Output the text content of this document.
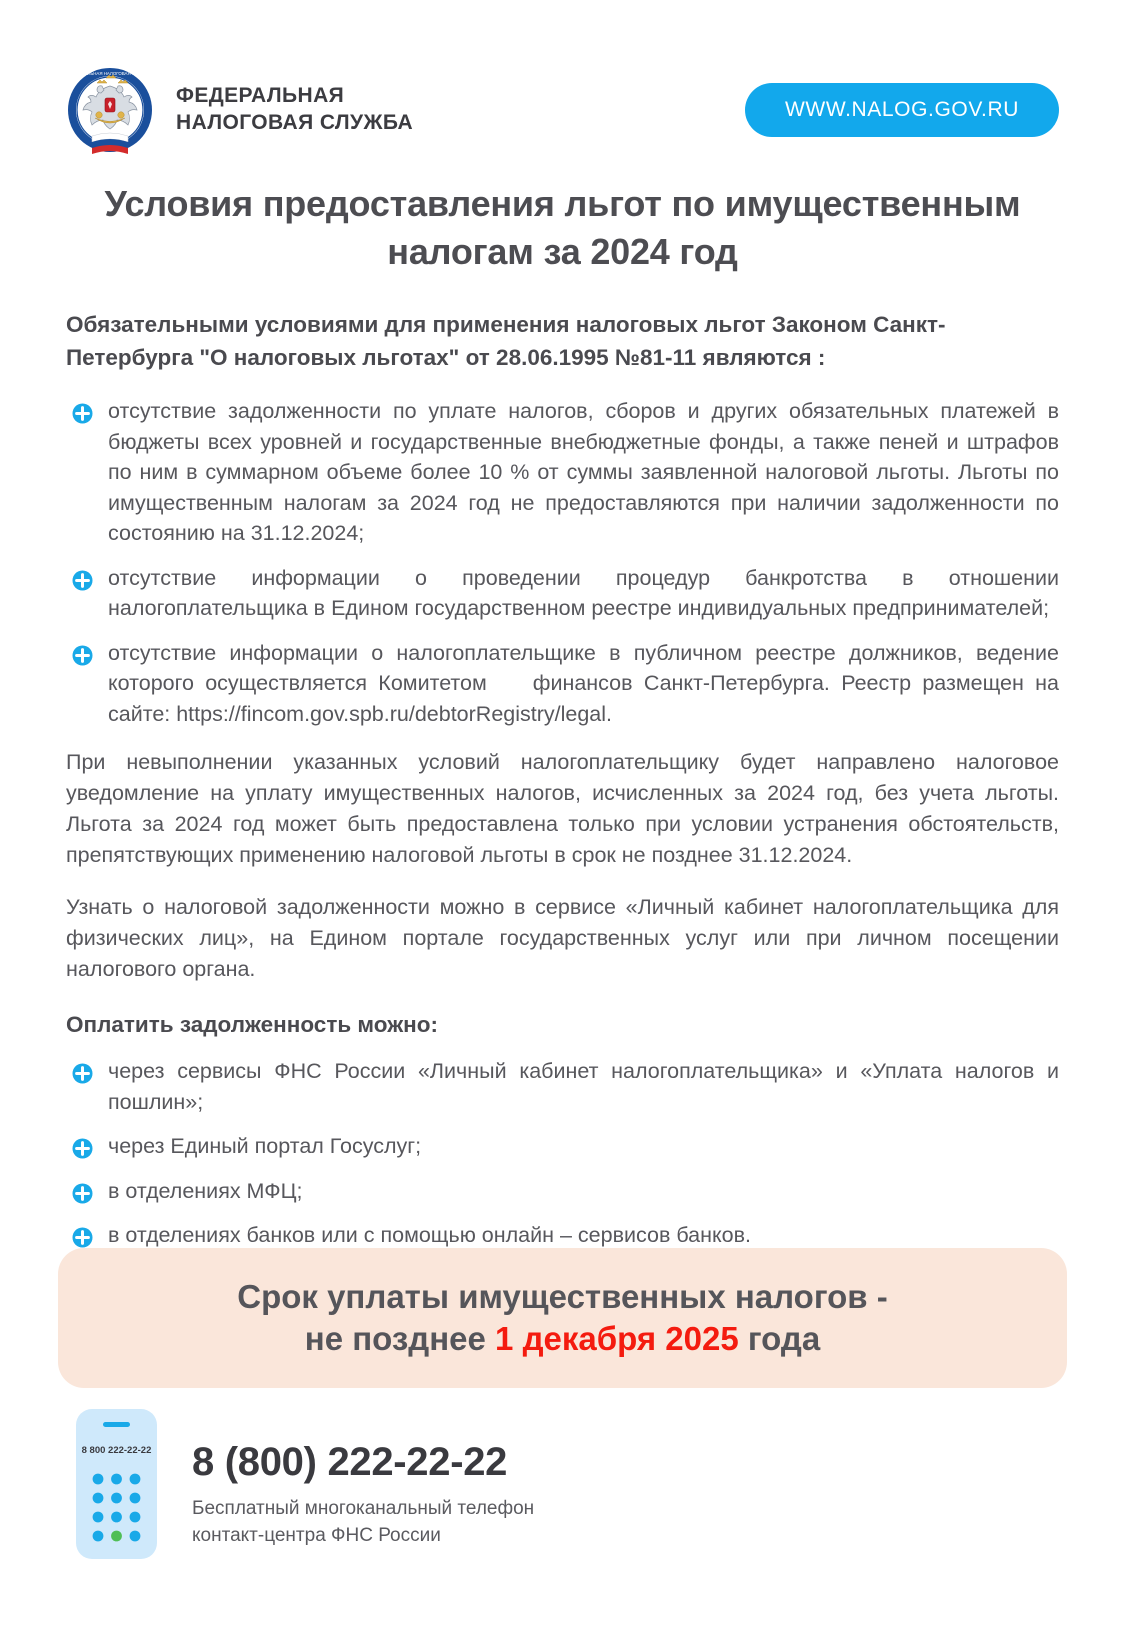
ФЕДЕРАЛЬНАЯ НАЛОГОВАЯ СЛУЖБА
ФЕДЕРАЛЬНАЯ
НАЛОГОВАЯ СЛУЖБА
WWW.NALOG.GOV.RU
Условия предоставления льгот по имущественным налогам за 2024 год

Обязательными условиями для применения налоговых льгот Законом Санкт-Петербурга "О налоговых льготах" от 28.06.1995 №81-11 являются :

отсутствие задолженности по уплате налогов, сборов и других обязательных платежей в бюджеты всех уровней и государственные внебюджетные фонды, а также пеней и штрафов по ним в суммарном объеме более 10 % от суммы заявленной налоговой льготы. Льготы по имущественным налогам за 2024 год не предоставляются при наличии задолженности по состоянию на 31.12.2024;
отсутствие информации о проведении процедур банкротства в отношении налогоплательщика в Едином государственном реестре индивидуальных предпринимателей;
отсутствие информации о налогоплательщике в публичном реестре должников, ведение которого осуществляется Комитетом финансов Санкт-Петербурга. Реестр размещен на сайте: https://fincom.gov.spb.ru/debtorRegistry/legal.

При невыполнении указанных условий налогоплательщику будет направлено налоговое уведомление на уплату имущественных налогов, исчисленных за 2024 год, без учета льготы. Льгота за 2024 год может быть предоставлена только при условии устранения обстоятельств, препятствующих применению налоговой льготы в срок не позднее 31.12.2024.

Узнать о налоговой задолженности можно в сервисе «Личный кабинет налогоплательщика для физических лиц», на Едином портале государственных услуг или при личном посещении налогового органа.

Оплатить задолженность можно:

через сервисы ФНС России «Личный кабинет налогоплательщика» и «Уплата налогов и пошлин»;
через Единый портал Госуслуг;
в отделениях МФЦ;
в отделениях банков или с помощью онлайн – сервисов банков.
Срок уплаты имущественных налогов -
не позднее 1 декабря 2025 года
8 800 222-22-22 8 (800) 222-22-22
Бесплатный многоканальный телефон
контакт-центра ФНС России
